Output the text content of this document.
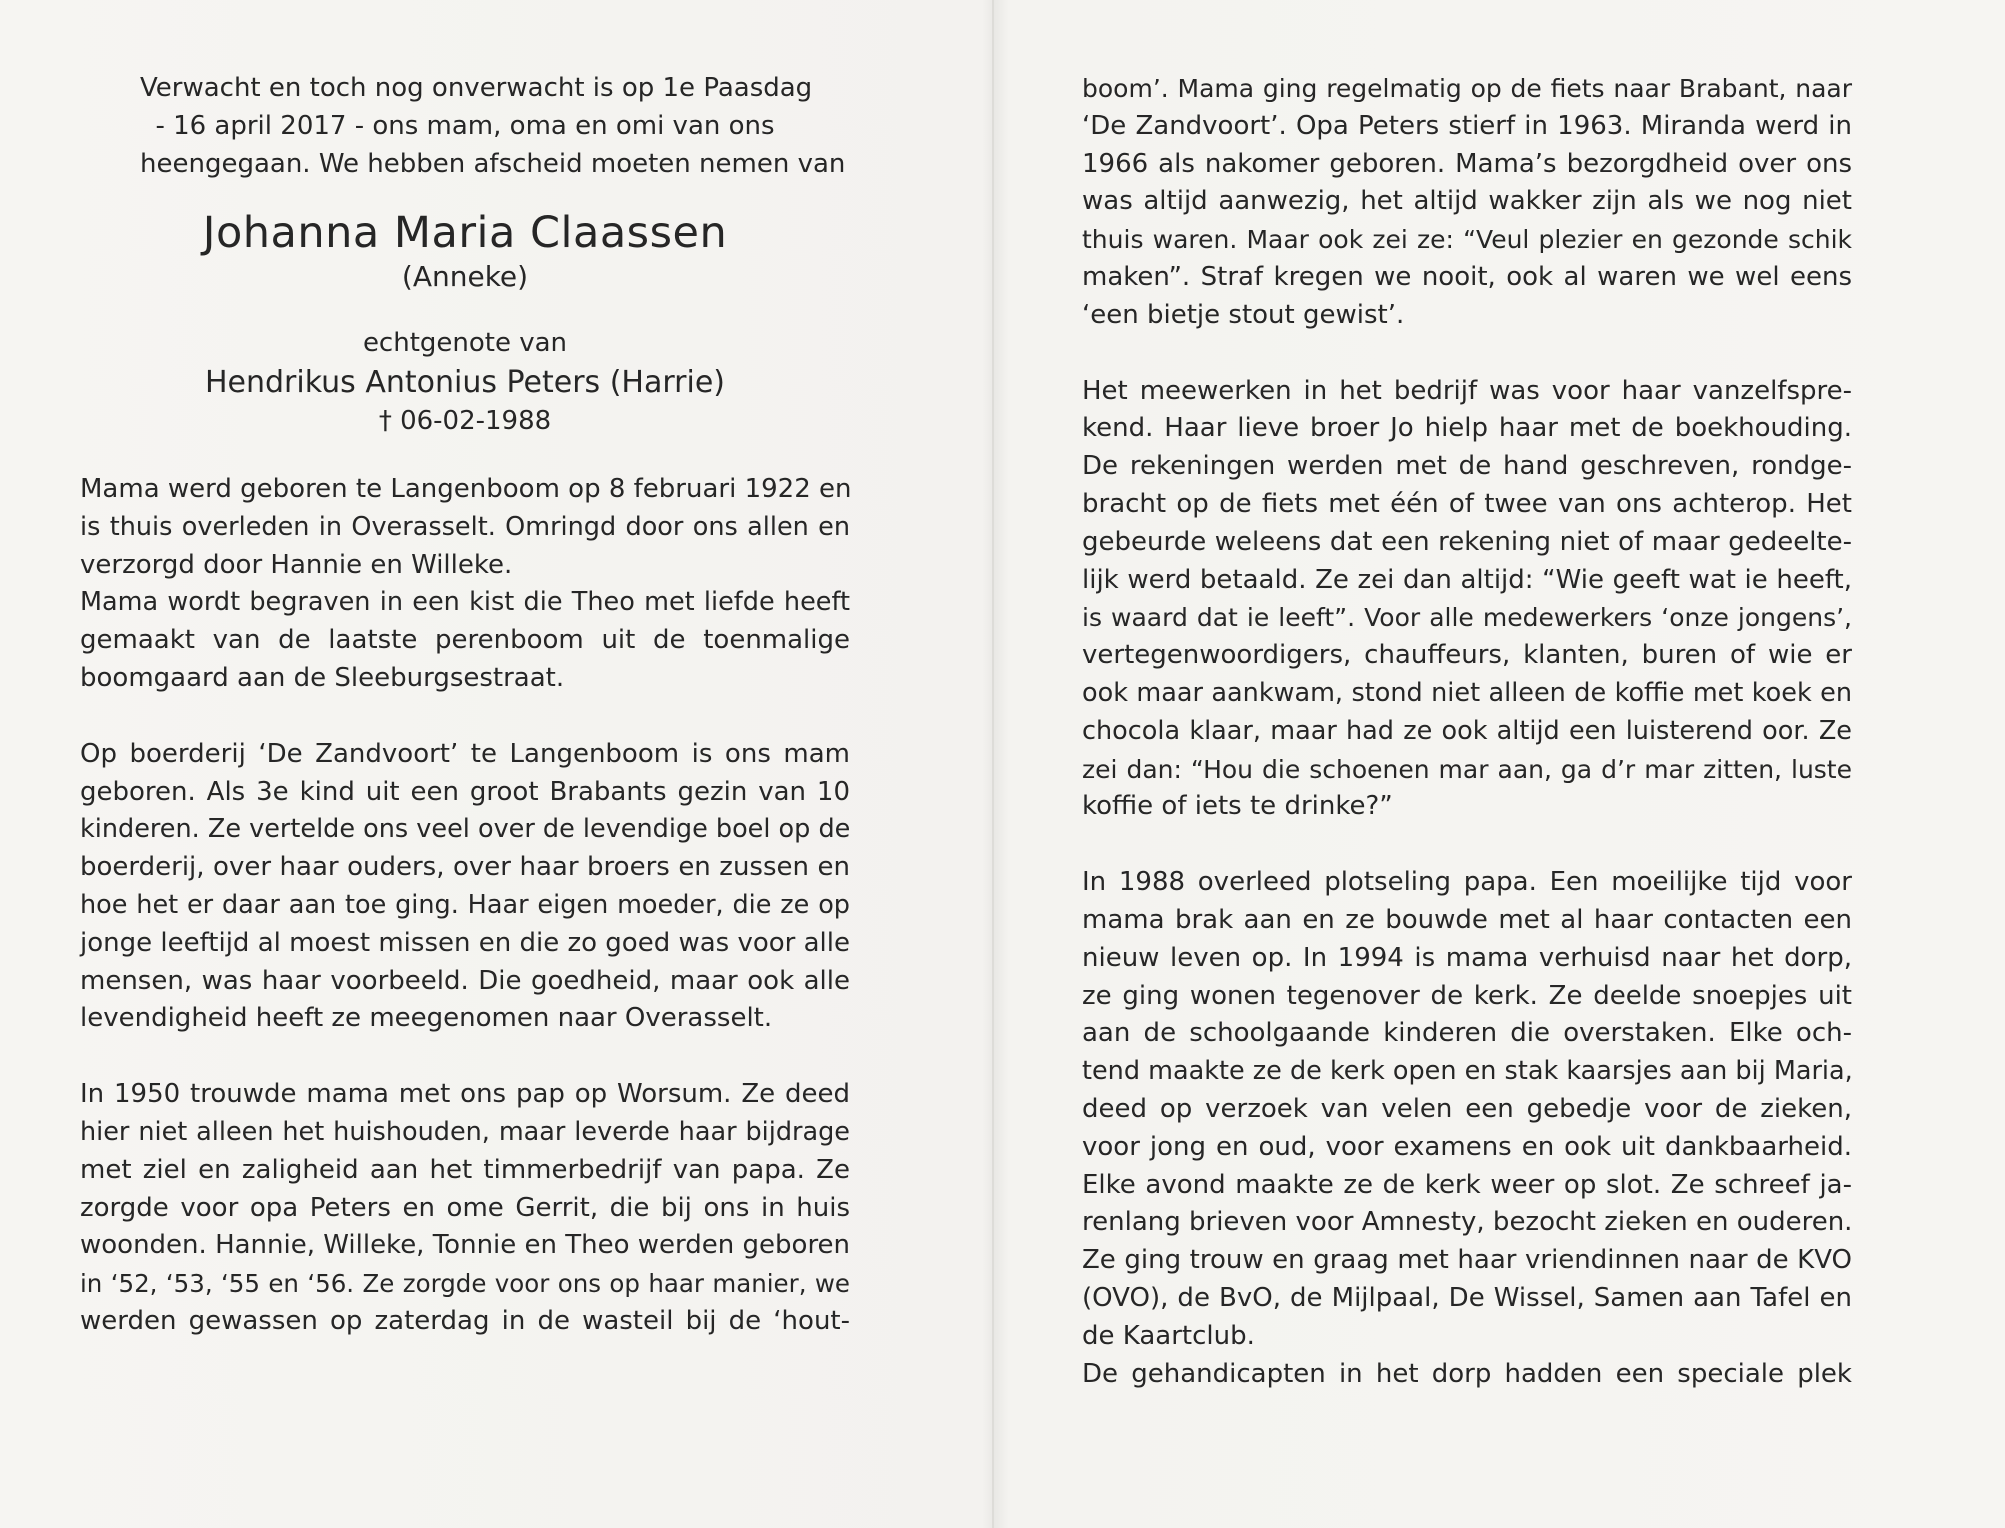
Verwacht en toch nog onverwacht is op 1e Paasdag
- 16 april 2017 - ons mam, oma en omi van ons
heengegaan. We hebben afscheid moeten nemen van

Johanna Maria Claassen

(Anneke)

echtgenote van

Hendrikus Antonius Peters (Harrie)

† 06-02-1988

Mama werd geboren te Langenboom op 8 februari 1922 en
is thuis overleden in Overasselt. Omringd door ons allen en
verzorgd door Hannie en Willeke.
Mama wordt begraven in een kist die Theo met liefde heeft
gemaakt van de laatste perenboom uit de toenmalige
boomgaard aan de Sleeburgsestraat.
Op boerderij ‘De Zandvoort’ te Langenboom is ons mam
geboren. Als 3e kind uit een groot Brabants gezin van 10
kinderen. Ze vertelde ons veel over de levendige boel op de
boerderij, over haar ouders, over haar broers en zussen en
hoe het er daar aan toe ging. Haar eigen moeder, die ze op
jonge leeftijd al moest missen en die zo goed was voor alle
mensen, was haar voorbeeld. Die goedheid, maar ook alle
levendigheid heeft ze meegenomen naar Overasselt.
In 1950 trouwde mama met ons pap op Worsum. Ze deed
hier niet alleen het huishouden, maar leverde haar bijdrage
met ziel en zaligheid aan het timmerbedrijf van papa. Ze
zorgde voor opa Peters en ome Gerrit, die bij ons in huis
woonden. Hannie, Willeke, Tonnie en Theo werden geboren
in ‘52, ‘53, ‘55 en ‘56. Ze zorgde voor ons op haar manier, we
werden gewassen op zaterdag in de wasteil bij de ‘hout-
boom’. Mama ging regelmatig op de fiets naar Brabant, naar
‘De Zandvoort’. Opa Peters stierf in 1963. Miranda werd in
1966 als nakomer geboren. Mama’s bezorgdheid over ons
was altijd aanwezig, het altijd wakker zijn als we nog niet
thuis waren. Maar ook zei ze: “Veul plezier en gezonde schik
maken”. Straf kregen we nooit, ook al waren we wel eens
‘een bietje stout gewist’.
Het meewerken in het bedrijf was voor haar vanzelfspre-
kend. Haar lieve broer Jo hielp haar met de boekhouding.
De rekeningen werden met de hand geschreven, rondge-
bracht op de fiets met één of twee van ons achterop. Het
gebeurde weleens dat een rekening niet of maar gedeelte-
lijk werd betaald. Ze zei dan altijd: “Wie geeft wat ie heeft,
is waard dat ie leeft”. Voor alle medewerkers ‘onze jongens’,
vertegenwoordigers, chauffeurs, klanten, buren of wie er
ook maar aankwam, stond niet alleen de koffie met koek en
chocola klaar, maar had ze ook altijd een luisterend oor. Ze
zei dan: “Hou die schoenen mar aan, ga d’r mar zitten, luste
koffie of iets te drinke?”
In 1988 overleed plotseling papa. Een moeilijke tijd voor
mama brak aan en ze bouwde met al haar contacten een
nieuw leven op. In 1994 is mama verhuisd naar het dorp,
ze ging wonen tegenover de kerk. Ze deelde snoepjes uit
aan de schoolgaande kinderen die overstaken. Elke och-
tend maakte ze de kerk open en stak kaarsjes aan bij Maria,
deed op verzoek van velen een gebedje voor de zieken,
voor jong en oud, voor examens en ook uit dankbaarheid.
Elke avond maakte ze de kerk weer op slot. Ze schreef ja-
renlang brieven voor Amnesty, bezocht zieken en ouderen.
Ze ging trouw en graag met haar vriendinnen naar de KVO
(OVO), de BvO, de Mijlpaal, De Wissel, Samen aan Tafel en
de Kaartclub.
De gehandicapten in het dorp hadden een speciale plek
